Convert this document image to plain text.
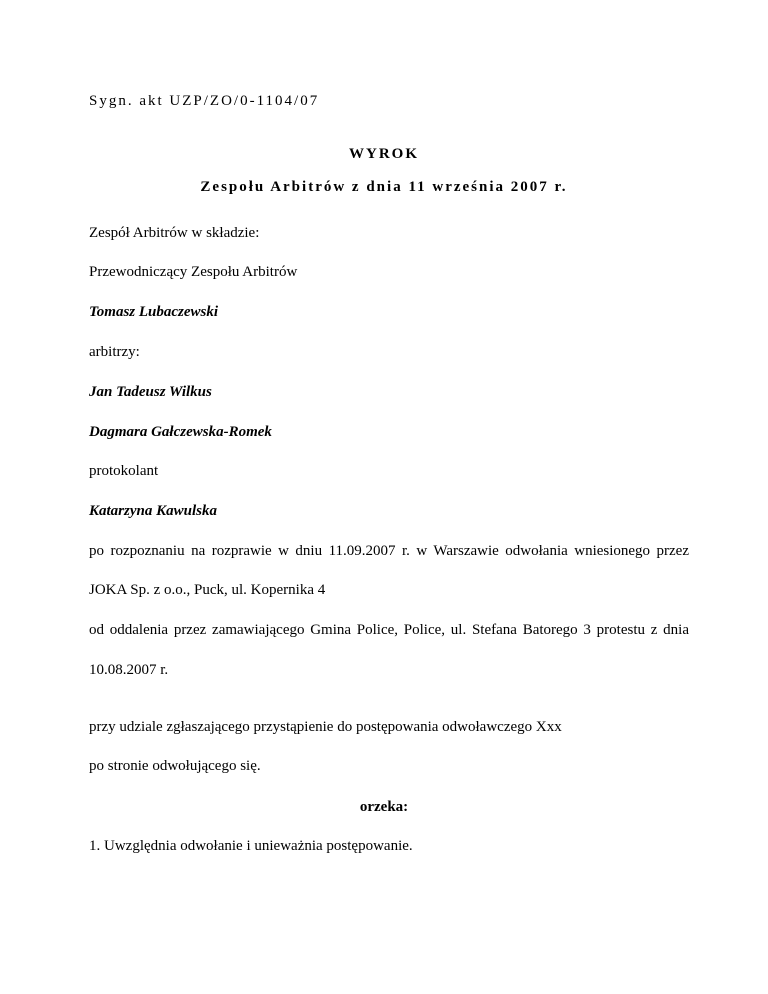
Sygn. akt UZP/ZO/0-1104/07
WYROK
Zespołu Arbitrów z dnia 11 września 2007 r.
Zespół Arbitrów w składzie:
Przewodniczący Zespołu Arbitrów
Tomasz Lubaczewski
arbitrzy:
Jan Tadeusz Wilkus
Dagmara Gałczewska-Romek
protokolant
Katarzyna Kawulska
po rozpoznaniu na rozprawie w dniu 11.09.2007 r. w Warszawie odwołania wniesionego przez
JOKA Sp. z o.o., Puck, ul. Kopernika 4
od oddalenia przez zamawiającego Gmina Police, Police, ul. Stefana Batorego 3 protestu z dnia
10.08.2007 r.
przy udziale zgłaszającego przystąpienie do postępowania odwoławczego Xxx
po stronie odwołującego się.
orzeka:
1. Uwzględnia odwołanie i unieważnia postępowanie.
